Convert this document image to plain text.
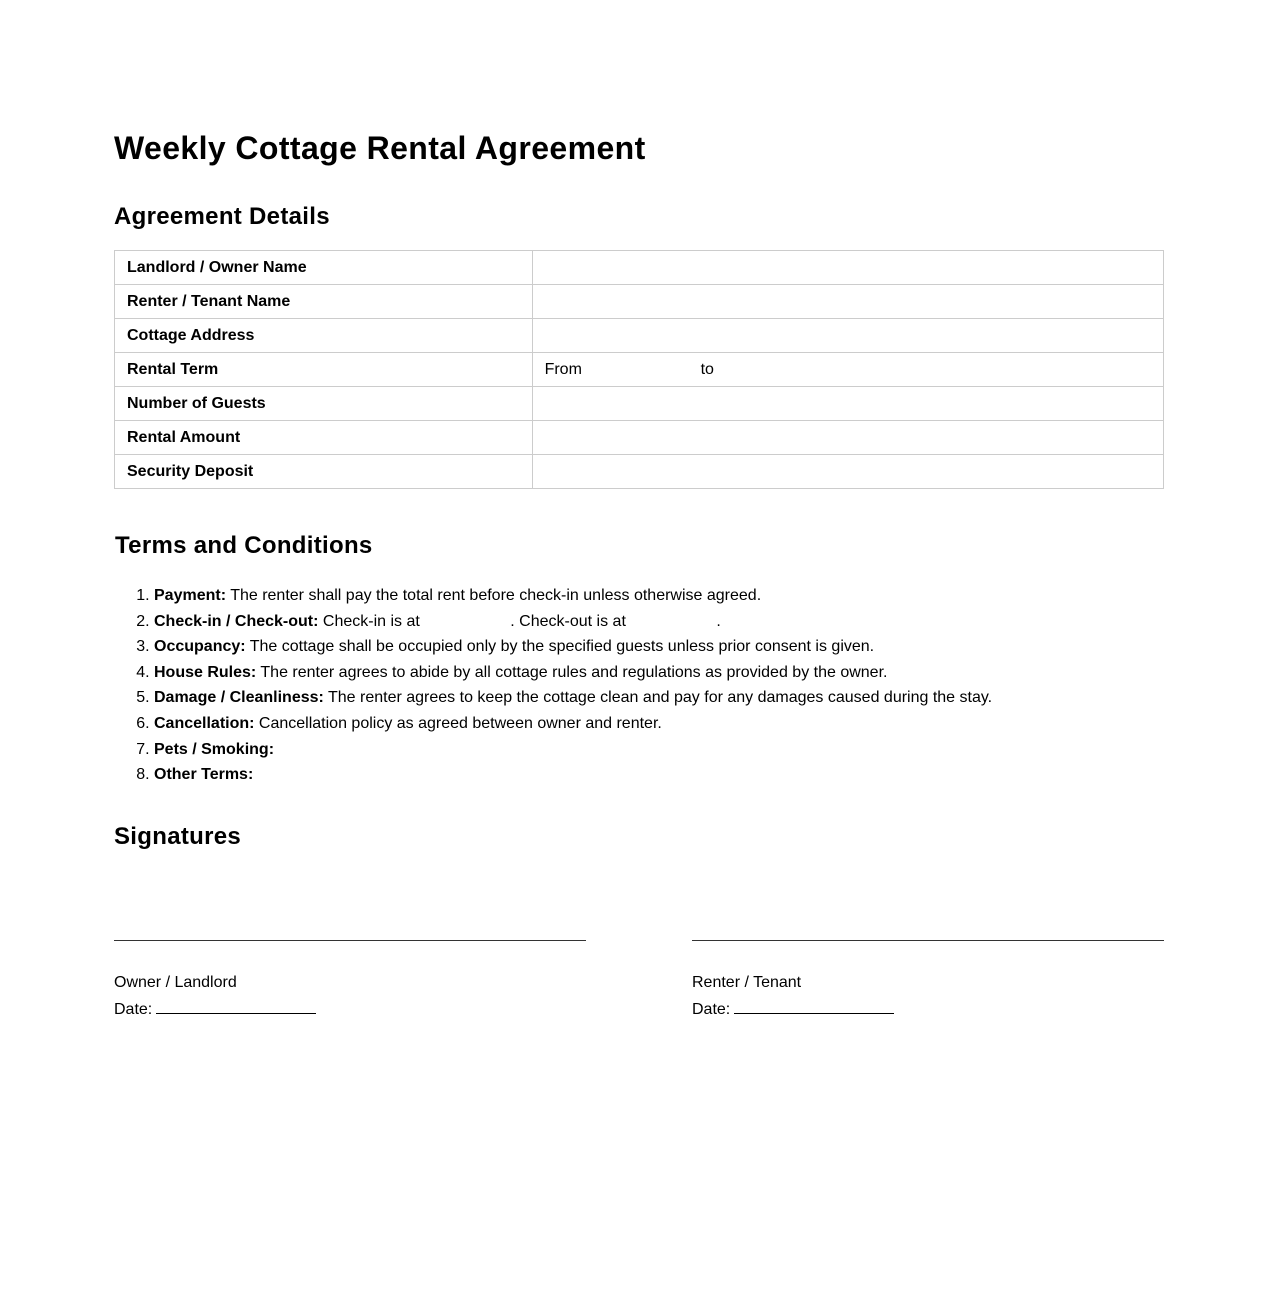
Weekly Cottage Rental Agreement
Agreement Details
Landlord / Owner Name	
Renter / Tenant Name	
Cottage Address	
Rental Term	From to
Number of Guests	
Rental Amount	
Security Deposit	
Terms and Conditions
1. Payment: The renter shall pay the total rent before check-in unless otherwise agreed.
2. Check-in / Check-out: Check-in is at	. Check-out is at	.
3. Occupancy: The cottage shall be occupied only by the specified guests unless prior consent is given.
4. House Rules: The renter agrees to abide by all cottage rules and regulations as provided by the owner.
5. Damage / Cleanliness: The renter agrees to keep the cottage clean and pay for any damages caused during the stay.
6. Cancellation: Cancellation policy as agreed between owner and renter.
7. Pets / Smoking:
8. Other Terms:
Signatures
Owner / Landlord
Date:
Renter / Tenant
Date:
